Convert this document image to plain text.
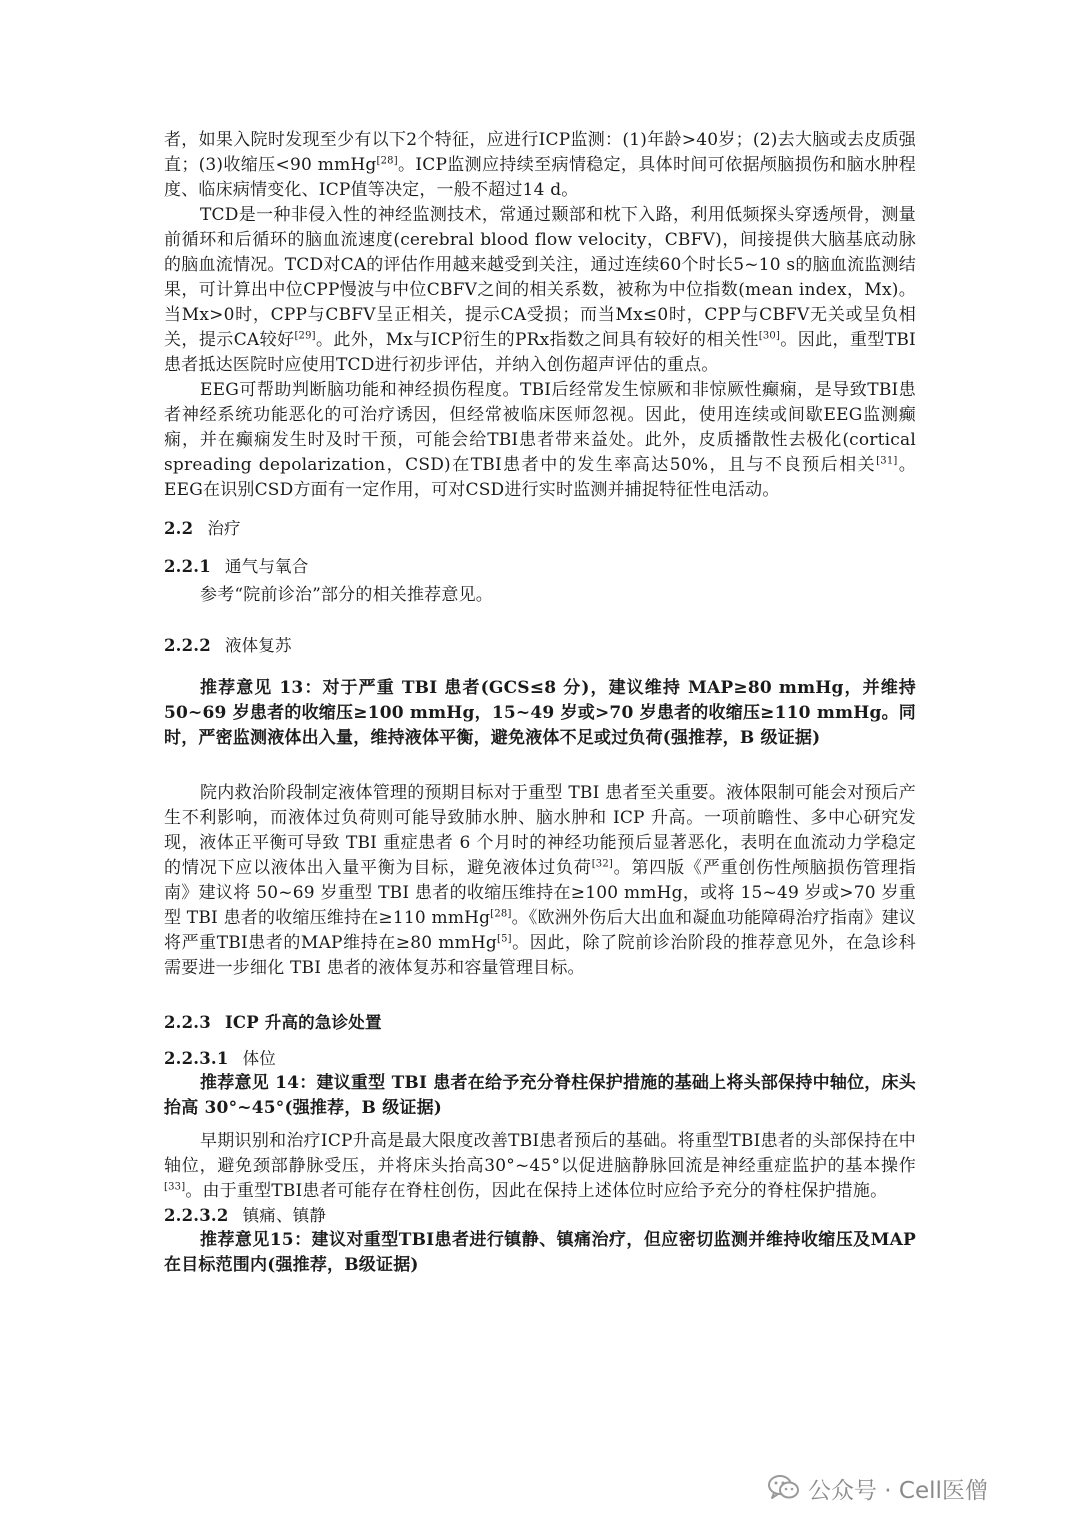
者，如果入院时发现至少有以下2个特征，应进行ICP监测：(1)年龄>40岁；(2)去大脑或去皮质强直；(3)收缩压<90 mmHg[28]。ICP监测应持续至病情稳定，具体时间可依据颅脑损伤和脑水肿程度、临床病情变化、ICP值等决定，一般不超过14 d。

TCD是一种非侵入性的神经监测技术，常通过颞部和枕下入路，利用低频探头穿透颅骨，测量前循环和后循环的脑血流速度(cerebral blood flow velocity，CBFV)，间接提供大脑基底动脉的脑血流情况。TCD对CA的评估作用越来越受到关注，通过连续60个时长5~10 s的脑血流监测结果，可计算出中位CPP慢波与中位CBFV之间的相关系数，被称为中位指数(mean index，Mx)。当Mx>0时，CPP与CBFV呈正相关，提示CA受损；而当Mx≤0时，CPP与CBFV无关或呈负相关，提示CA较好[29]。此外，Mx与ICP衍生的PRx指数之间具有较好的相关性[30]。因此，重型TBI患者抵达医院时应使用TCD进行初步评估，并纳入创伤超声评估的重点。

EEG可帮助判断脑功能和神经损伤程度。TBI后经常发生惊厥和非惊厥性癫痫，是导致TBI患者神经系统功能恶化的可治疗诱因，但经常被临床医师忽视。因此，使用连续或间歇EEG监测癫痫，并在癫痫发生时及时干预，可能会给TBI患者带来益处。此外，皮质播散性去极化(cortical spreading depolarization，CSD)在TBI患者中的发生率高达50%，且与不良预后相关[31]。EEG在识别CSD方面有一定作用，可对CSD进行实时监测并捕捉特征性电活动。

2.2 治疗

2.2.1 通气与氧合

参考“院前诊治”部分的相关推荐意见。

2.2.2 液体复苏

推荐意见 13：对于严重 TBI 患者(GCS≤8 分)，建议维持 MAP≥80 mmHg，并维持50~69 岁患者的收缩压≥100 mmHg，15~49 岁或>70 岁患者的收缩压≥110 mmHg。同时，严密监测液体出入量，维持液体平衡，避免液体不足或过负荷(强推荐，B 级证据)

院内救治阶段制定液体管理的预期目标对于重型 TBI 患者至关重要。液体限制可能会对预后产生不利影响，而液体过负荷则可能导致肺水肿、脑水肿和 ICP 升高。一项前瞻性、多中心研究发现，液体正平衡可导致 TBI 重症患者 6 个月时的神经功能预后显著恶化，表明在血流动力学稳定的情况下应以液体出入量平衡为目标，避免液体过负荷[32]。第四版《严重创伤性颅脑损伤管理指南》建议将 50~69 岁重型 TBI 患者的收缩压维持在≥100 mmHg，或将 15~49 岁或>70 岁重型 TBI 患者的收缩压维持在≥110 mmHg[28]。《欧洲外伤后大出血和凝血功能障碍治疗指南》建议将严重TBI患者的MAP维持在≥80 mmHg[5]。因此，除了院前诊治阶段的推荐意见外，在急诊科需要进一步细化 TBI 患者的液体复苏和容量管理目标。

2.2.3 ICP 升高的急诊处置

2.2.3.1 体位

推荐意见 14：建议重型 TBI 患者在给予充分脊柱保护措施的基础上将头部保持中轴位，床头抬高 30°~45°(强推荐，B 级证据)

早期识别和治疗ICP升高是最大限度改善TBI患者预后的基础。将重型TBI患者的头部保持在中轴位，避免颈部静脉受压，并将床头抬高30°~45°以促进脑静脉回流是神经重症监护的基本操作[33]。由于重型TBI患者可能存在脊柱创伤，因此在保持上述体位时应给予充分的脊柱保护措施。

2.2.3.2 镇痛、镇静

推荐意见15：建议对重型TBI患者进行镇静、镇痛治疗，但应密切监测并维持收缩压及MAP在目标范围内(强推荐，B级证据)

公众号 · Cell医僧
